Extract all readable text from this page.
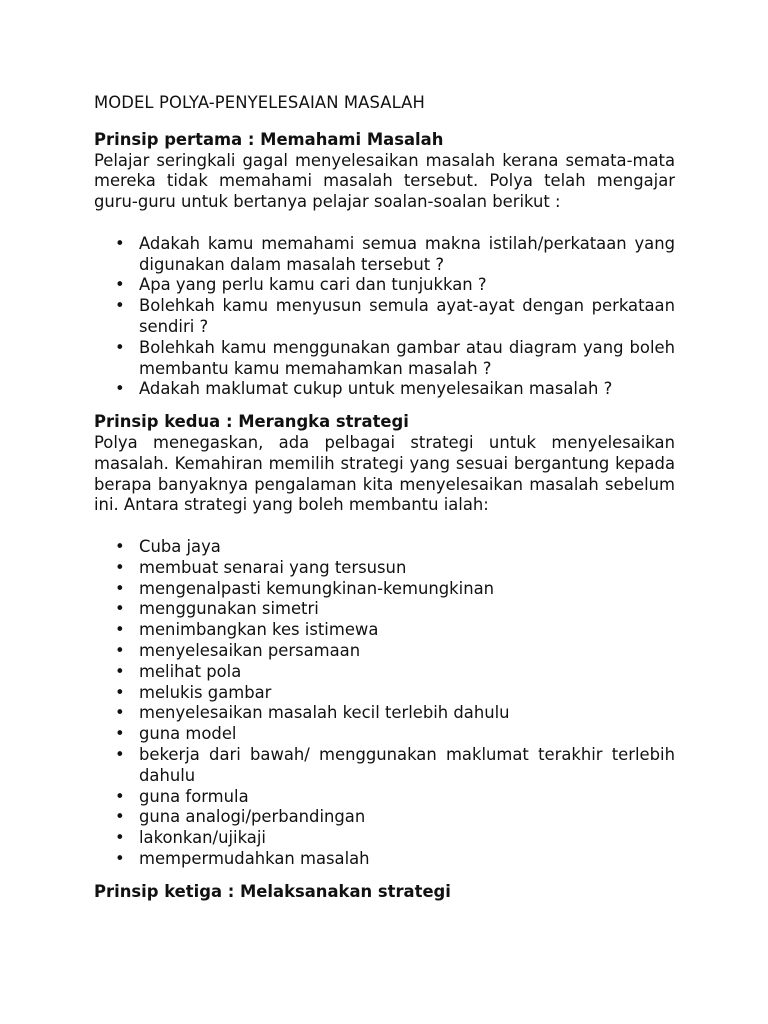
MODEL POLYA-PENYELESAIAN MASALAH
Prinsip pertama : Memahami Masalah

Pelajar seringkali gagal menyelesaikan masalah kerana semata-mata mereka tidak memahami masalah tersebut. Polya telah mengajar guru-guru untuk bertanya pelajar soalan-soalan berikut :

• Adakah kamu memahami semua makna istilah/perkataan yang digunakan dalam masalah tersebut ?
• Apa yang perlu kamu cari dan tunjukkan ?
• Bolehkah kamu menyusun semula ayat-ayat dengan perkataan sendiri ?
• Bolehkah kamu menggunakan gambar atau diagram yang boleh membantu kamu memahamkan masalah ?
• Adakah maklumat cukup untuk menyelesaikan masalah ?
Prinsip kedua : Merangka strategi

Polya menegaskan, ada pelbagai strategi untuk menyelesaikan masalah. Kemahiran memilih strategi yang sesuai bergantung kepada berapa banyaknya pengalaman kita menyelesaikan masalah sebelum ini. Antara strategi yang boleh membantu ialah:

• Cuba jaya
• membuat senarai yang tersusun
• mengenalpasti kemungkinan-kemungkinan
• menggunakan simetri
• menimbangkan kes istimewa
• menyelesaikan persamaan
• melihat pola
• melukis gambar
• menyelesaikan masalah kecil terlebih dahulu
• guna model
• bekerja dari bawah/ menggunakan maklumat terakhir terlebih dahulu
• guna formula
• guna analogi/perbandingan
• lakonkan/ujikaji
• mempermudahkan masalah
Prinsip ketiga : Melaksanakan strategi
